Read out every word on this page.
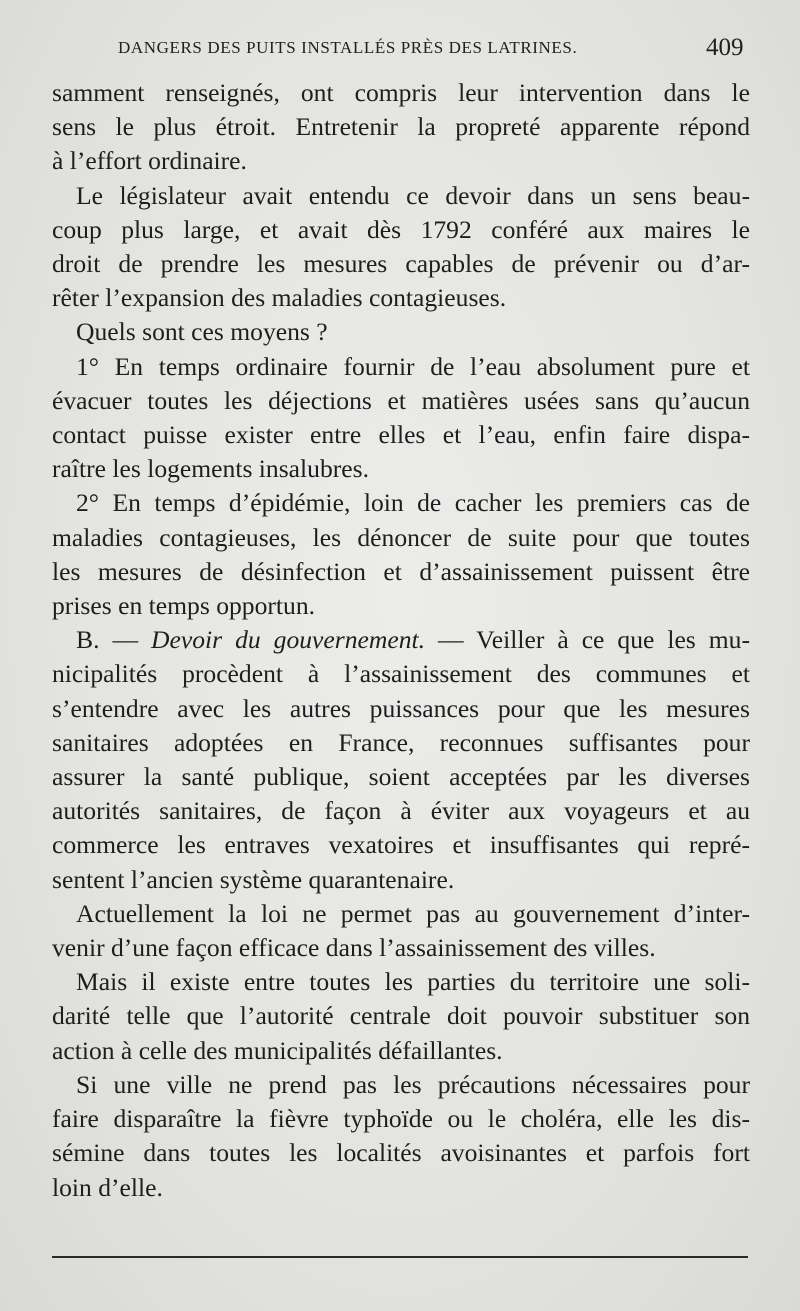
DANGERS DES PUITS INSTALLÉS PRÈS DES LATRINES.	409

samment renseignés, ont compris leur intervention dans le
sens le plus étroit. Entretenir la propreté apparente répond
à l’effort ordinaire.

Le législateur avait entendu ce devoir dans un sens beau-
coup plus large, et avait dès 1792 conféré aux maires le
droit de prendre les mesures capables de prévenir ou d’ar-
rêter l’expansion des maladies contagieuses.

Quels sont ces moyens ?

1° En temps ordinaire fournir de l’eau absolument pure et
évacuer toutes les déjections et matières usées sans qu’aucun
contact puisse exister entre elles et l’eau, enfin faire dispa-
raître les logements insalubres.

2° En temps d’épidémie, loin de cacher les premiers cas de
maladies contagieuses, les dénoncer de suite pour que toutes
les mesures de désinfection et d’assainissement puissent être
prises en temps opportun.

B. — Devoir du gouvernement. — Veiller à ce que les mu-
nicipalités procèdent à l’assainissement des communes et
s’entendre avec les autres puissances pour que les mesures
sanitaires adoptées en France, reconnues suffisantes pour
assurer la santé publique, soient acceptées par les diverses
autorités sanitaires, de façon à éviter aux voyageurs et au
commerce les entraves vexatoires et insuffisantes qui repré-
sentent l’ancien système quarantenaire.

Actuellement la loi ne permet pas au gouvernement d’inter-
venir d’une façon efficace dans l’assainissement des villes.

Mais il existe entre toutes les parties du territoire une soli-
darité telle que l’autorité centrale doit pouvoir substituer son
action à celle des municipalités défaillantes.

Si une ville ne prend pas les précautions nécessaires pour
faire disparaître la fièvre typhoïde ou le choléra, elle les dis-
sémine dans toutes les localités avoisinantes et parfois fort
loin d’elle.
